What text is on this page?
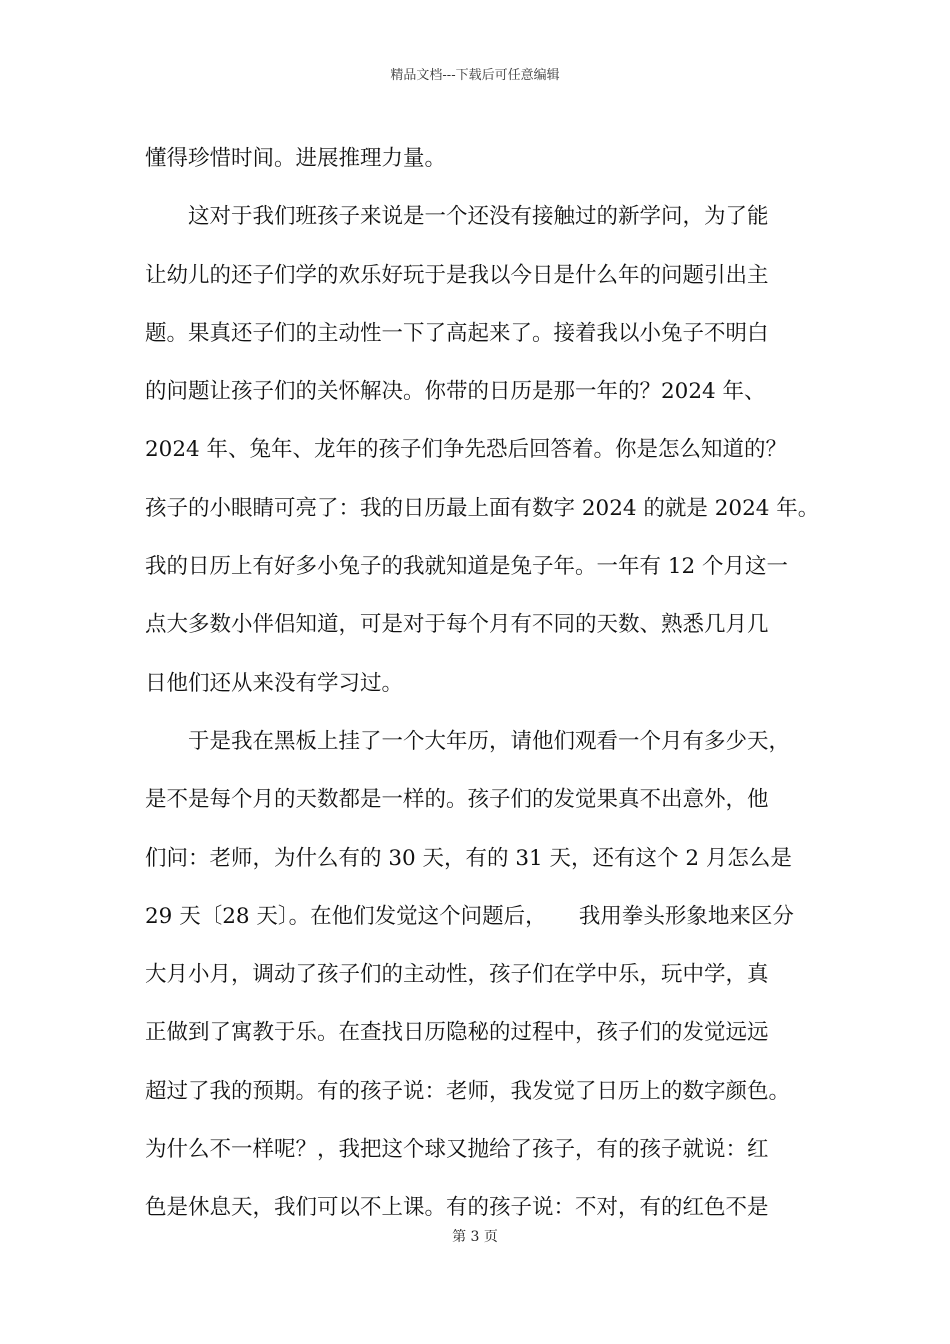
精品文档---下载后可任意编辑
懂得珍惜时间。进展推理力量。
　　这对于我们班孩子来说是一个还没有接触过的新学问，为了能
让幼儿的还子们学的欢乐好玩于是我以今日是什么年的问题引出主
题。果真还子们的主动性一下了高起来了。接着我以小兔子不明白
的问题让孩子们的关怀解决。你带的日历是那一年的？2024 年、
2024 年、兔年、龙年的孩子们争先恐后回答着。你是怎么知道的？
孩子的小眼睛可亮了：我的日历最上面有数字 2024 的就是 2024 年。
我的日历上有好多小兔子的我就知道是兔子年。一年有 12 个月这一
点大多数小伴侣知道，可是对于每个月有不同的天数、熟悉几月几
日他们还从来没有学习过。
　　于是我在黑板上挂了一个大年历，请他们观看一个月有多少天，
是不是每个月的天数都是一样的。孩子们的发觉果真不出意外，他
们问：老师，为什么有的 30 天，有的 31 天，还有这个 2 月怎么是
29 天〔28 天〕。在他们发觉这个问题后，　　我用拳头形象地来区分
大月小月，调动了孩子们的主动性，孩子们在学中乐，玩中学，真
正做到了寓教于乐。在查找日历隐秘的过程中，孩子们的发觉远远
超过了我的预期。有的孩子说：老师，我发觉了日历上的数字颜色。
为什么不一样呢？，我把这个球又抛给了孩子，有的孩子就说：红
色是休息天，我们可以不上课。有的孩子说：不对，有的红色不是
第 3 页
